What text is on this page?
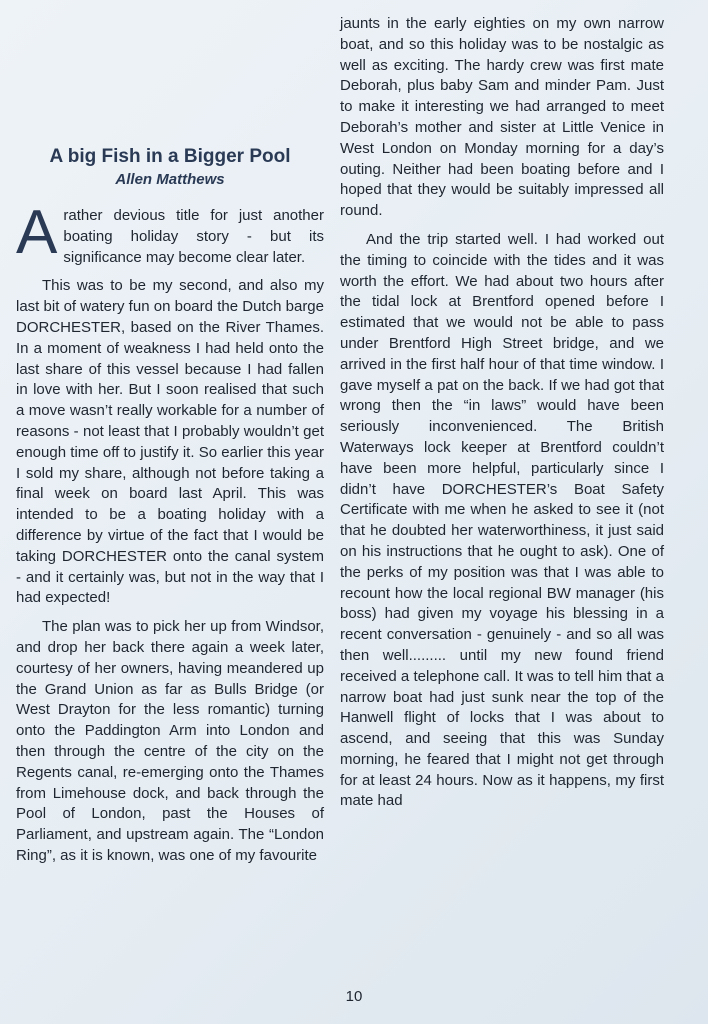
A big Fish in a Bigger Pool
Allen Matthews

A rather devious title for just another boating holiday story - but its significance may become clear later.

This was to be my second, and also my last bit of watery fun on board the Dutch barge DORCHESTER, based on the River Thames. In a moment of weakness I had held onto the last share of this vessel because I had fallen in love with her. But I soon realised that such a move wasn’t really workable for a number of reasons - not least that I probably wouldn’t get enough time off to justify it. So earlier this year I sold my share, although not before taking a final week on board last April. This was intended to be a boating holiday with a difference by virtue of the fact that I would be taking DORCHESTER onto the canal system - and it certainly was, but not in the way that I had expected!

The plan was to pick her up from Windsor, and drop her back there again a week later, courtesy of her owners, having meandered up the Grand Union as far as Bulls Bridge (or West Drayton for the less romantic) turning onto the Paddington Arm into London and then through the centre of the city on the Regents canal, re-emerging onto the Thames from Limehouse dock, and back through the Pool of London, past the Houses of Parliament, and upstream again. The “London Ring”, as it is known, was one of my favourite

jaunts in the early eighties on my own narrow boat, and so this holiday was to be nostalgic as well as exciting. The hardy crew was first mate Deborah, plus baby Sam and minder Pam. Just to make it interesting we had arranged to meet Deborah’s mother and sister at Little Venice in West London on Monday morning for a day’s outing. Neither had been boating before and I hoped that they would be suitably impressed all round.

And the trip started well. I had worked out the timing to coincide with the tides and it was worth the effort. We had about two hours after the tidal lock at Brentford opened before I estimated that we would not be able to pass under Brentford High Street bridge, and we arrived in the first half hour of that time window. I gave myself a pat on the back. If we had got that wrong then the “in laws” would have been seriously inconvenienced. The British Waterways lock keeper at Brentford couldn’t have been more helpful, particularly since I didn’t have DORCHESTER’s Boat Safety Certificate with me when he asked to see it (not that he doubted her waterworthiness, it just said on his instructions that he ought to ask). One of the perks of my position was that I was able to recount how the local regional BW manager (his boss) had given my voyage his blessing in a recent conversation - genuinely - and so all was then well......... until my new found friend received a telephone call. It was to tell him that a narrow boat had just sunk near the top of the Hanwell flight of locks that I was about to ascend, and seeing that this was Sunday morning, he feared that I might not get through for at least 24 hours. Now as it happens, my first mate had

10
